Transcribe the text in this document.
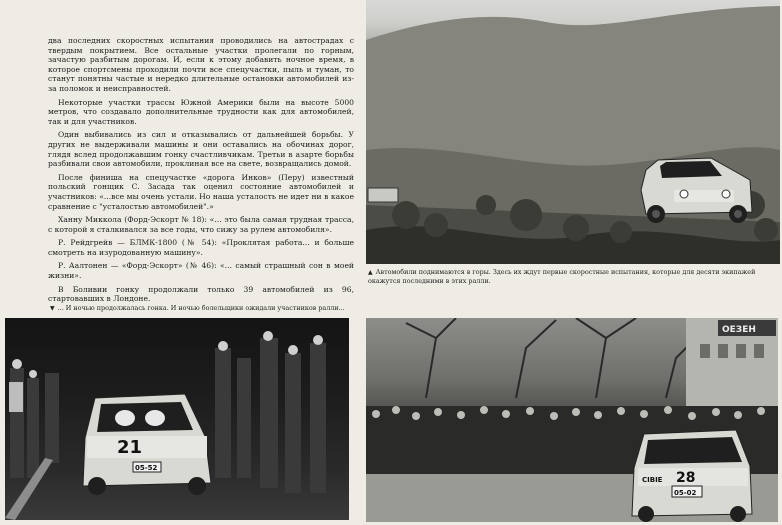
два последних скоростных испытания проводились на автострадах с твердым покрытием. Все остальные участки пролегали по горным, зачастую разбитым дорогам. И, если к этому добавить ночное время, в которое спортсмены проходили почти все спецучастки, пыль и туман, то станут понятны частые и нередко длительные остановки автомобилей из-за поломок и неисправностей.

Некоторые участки трассы Южной Америки были на высоте 5000 метров, что создавало дополнительные трудности как для автомобилей, так и для участников.

Один выбивались из сил и отказывались от дальнейшей борьбы. У других не выдерживали машины и они оставались на обочинах дорог, глядя вслед продолжавшим гонку счастливчикам. Третьи в азарте борьбы разбивали свои автомобили, проклиная все на свете, возвращались домой.

После финиша на спецучастке «дорога Инков» (Перу) известный польский гонщик С. Засада так оценил состояние автомобилей и участников: «...все мы очень устали. Но наша усталость не идет ни в какое сравнение с "усталостью автомобилей".»

Ханну Миккола (Форд-Эскорт № 18): «... это была самая трудная трасса, с которой я сталкивался за все годы, что сижу за рулем автомобиля».

Р. Рейдгрейв — БЛМК-1800 (№ 54): «Проклятая работа... и больше смотреть на изуродованную машину».

Р. Аалтонен — «Форд-Эскорт» (№ 46): «... самый страшный сон в моей жизни».

В Боливии гонку продолжали только 39 автомобилей из 96, стартовавших в Лондоне.

▲ Автомобили поднимаются в горы. Здесь их ждут первые скоростные испытания, которые для десяти экипажей окажутся последними в этих ралли.
▼ ... И ночью продолжалась гонка. И ночью болельщики ожидали участников ралли...
21
05-52
ОЕЗЕН
28
CIBIE
05-02
